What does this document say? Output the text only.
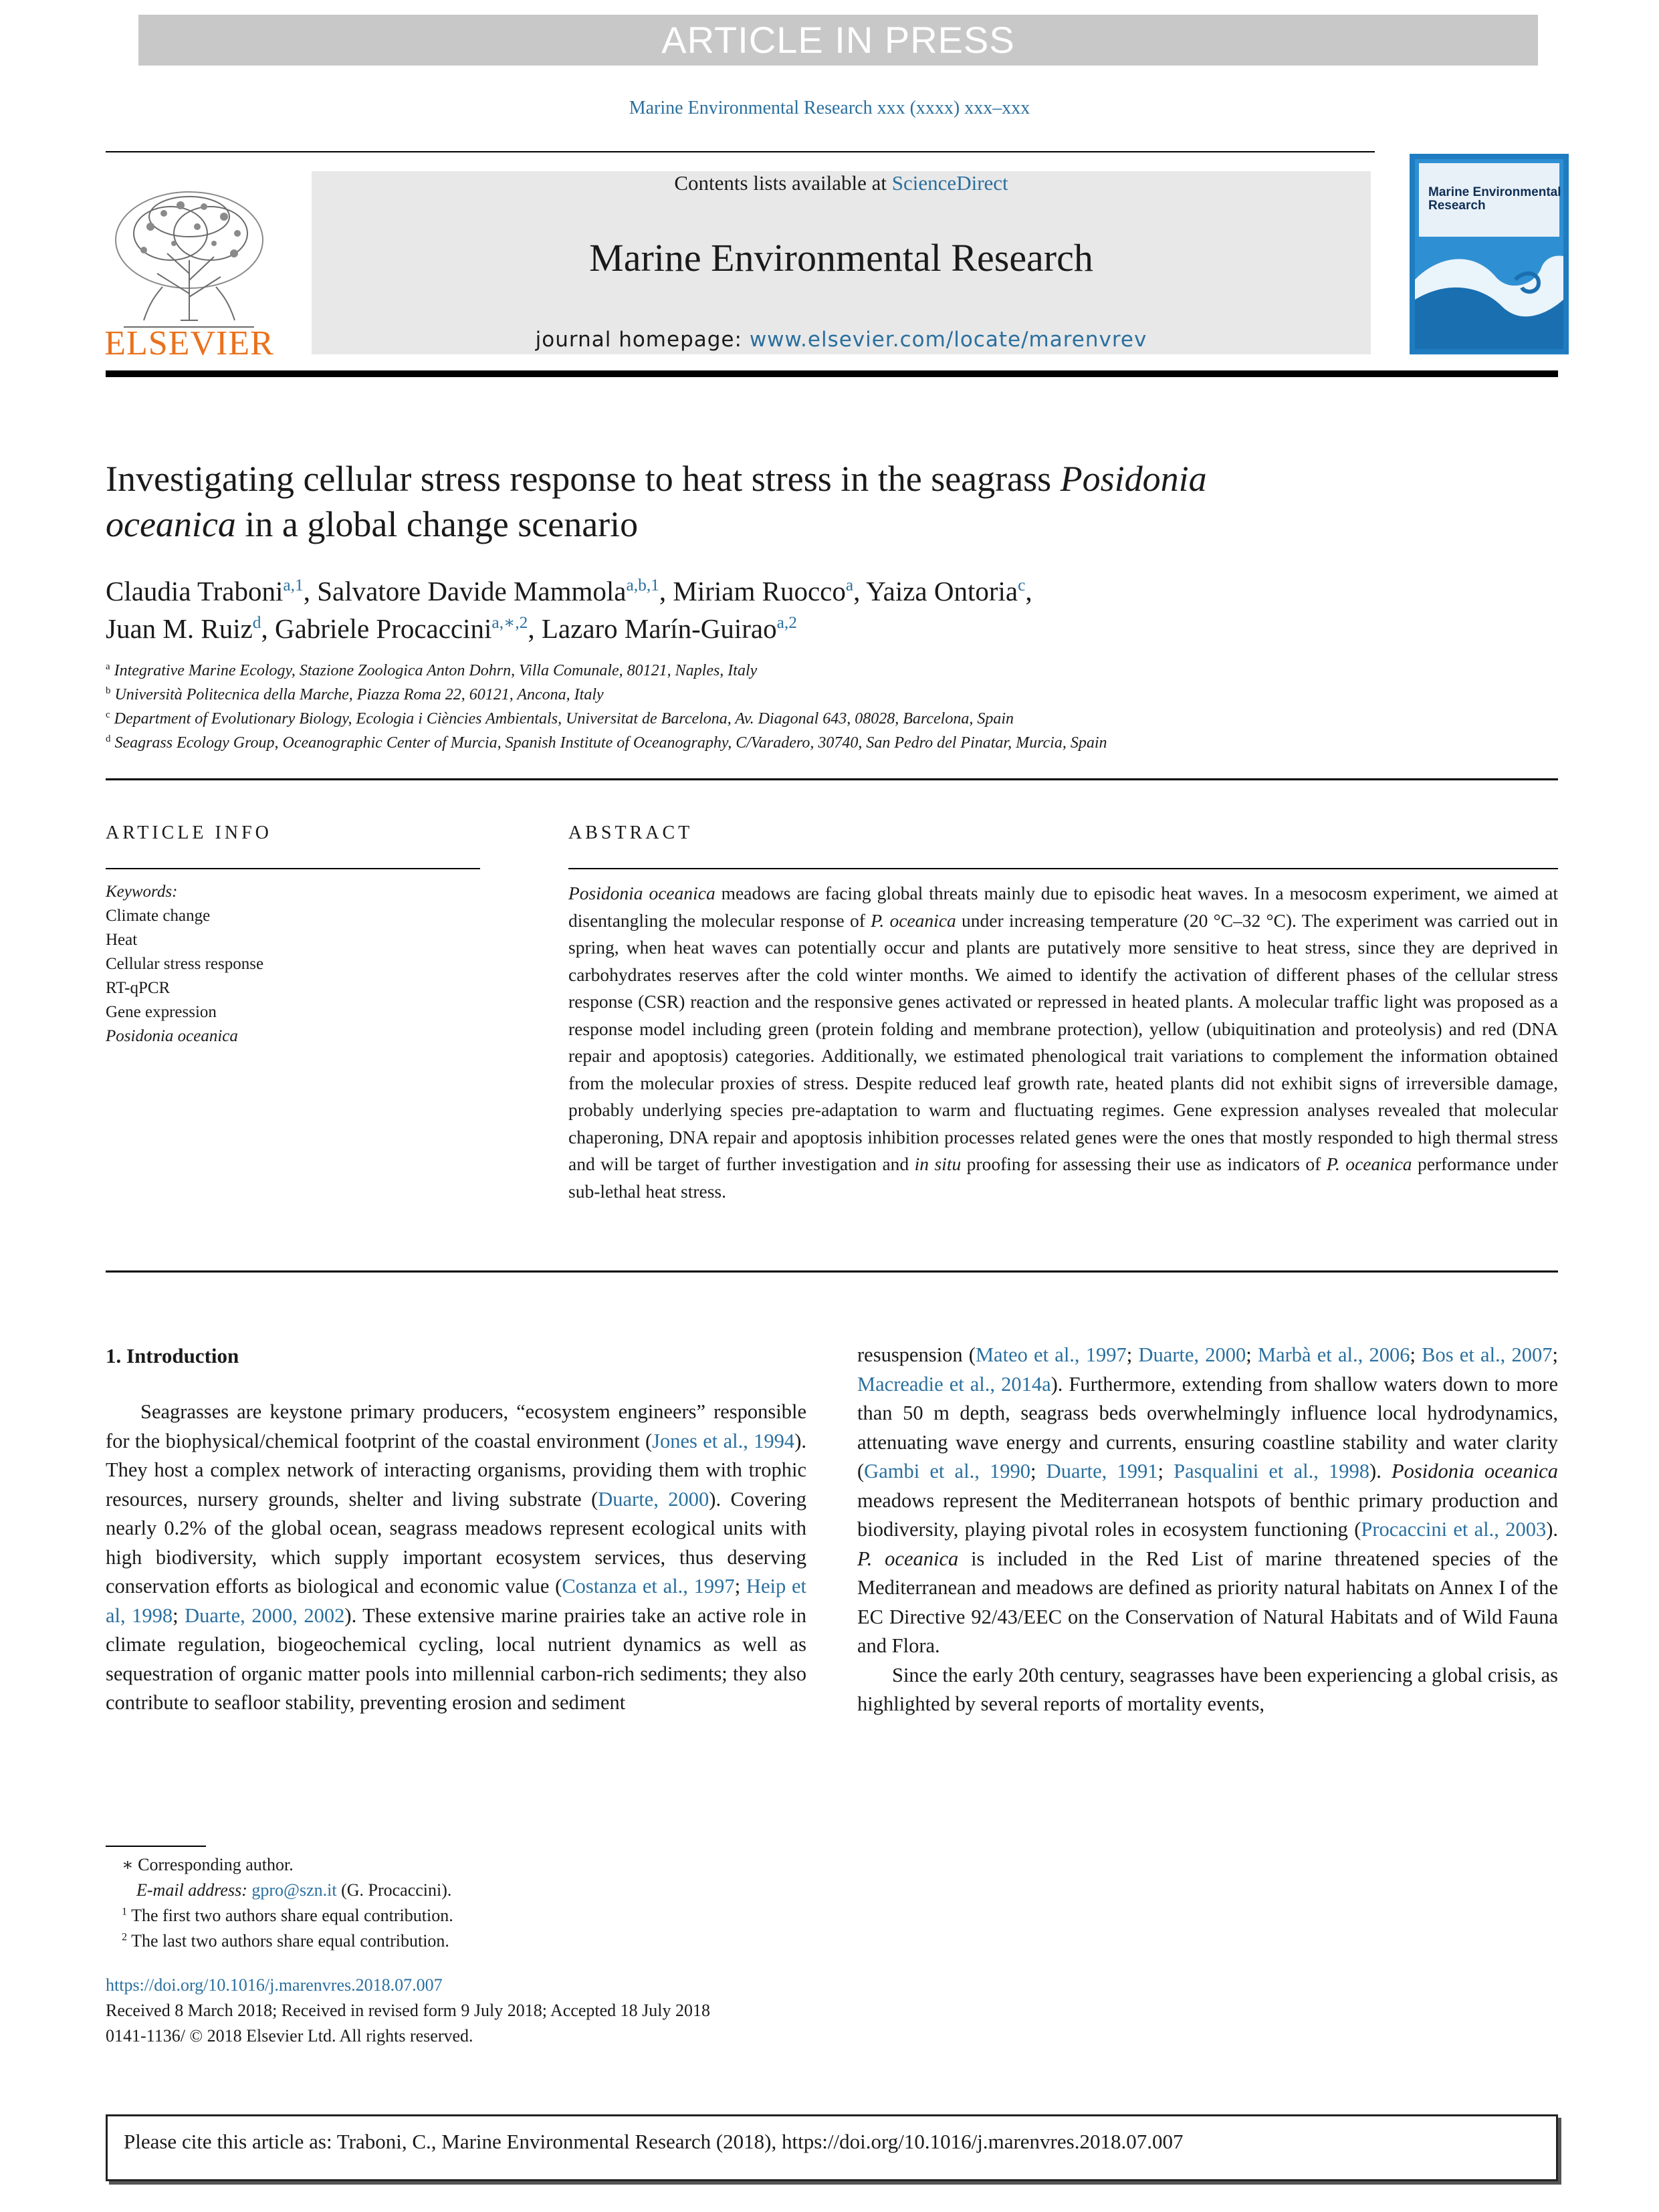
ARTICLE IN PRESS
Marine Environmental Research xxx (xxxx) xxx–xxx
Contents lists available at ScienceDirect
Marine Environmental Research
journal homepage: www.elsevier.com/locate/marenvrev
ELSEVIER
Marine Environmental Research
Investigating cellular stress response to heat stress in the seagrass Posidonia
oceanica in a global change scenario
Claudia Traboni$^{a,1}$, Salvatore Davide Mammola$^{a,b,1}$, Miriam Ruocco$^a$, Yaiza Ontoria$^c$,
Juan M. Ruiz$^d$, Gabriele Procaccini$^{a,∗,2}$, Lazaro Marín-Guirao$^{a,2}$
$^a$ Integrative Marine Ecology, Stazione Zoologica Anton Dohrn, Villa Comunale, 80121, Naples, Italy
$^b$ Università Politecnica della Marche, Piazza Roma 22, 60121, Ancona, Italy
$^c$ Department of Evolutionary Biology, Ecologia i Ciències Ambientals, Universitat de Barcelona, Av. Diagonal 643, 08028, Barcelona, Spain
$^d$ Seagrass Ecology Group, Oceanographic Center of Murcia, Spanish Institute of Oceanography, C/Varadero, 30740, San Pedro del Pinatar, Murcia, Spain
ARTICLE INFO
Keywords:
Climate change
Heat
Cellular stress response
RT-qPCR
Gene expression
Posidonia oceanica
ABSTRACT
Posidonia oceanica meadows are facing global threats mainly due to episodic heat waves. In a mesocosm experiment, we aimed at disentangling the molecular response of P. oceanica under increasing temperature (20 °C–32 °C). The experiment was carried out in spring, when heat waves can potentially occur and plants are putatively more sensitive to heat stress, since they are deprived in carbohydrates reserves after the cold winter months. We aimed to identify the activation of different phases of the cellular stress response (CSR) reaction and the responsive genes activated or repressed in heated plants. A molecular traffic light was proposed as a response model including green (protein folding and membrane protection), yellow (ubiquitination and proteolysis) and red (DNA repair and apoptosis) categories. Additionally, we estimated phenological trait variations to complement the information obtained from the molecular proxies of stress. Despite reduced leaf growth rate, heated plants did not exhibit signs of irreversible damage, probably underlying species pre-adaptation to warm and fluctuating regimes. Gene expression analyses revealed that molecular chaperoning, DNA repair and apoptosis inhibition processes related genes were the ones that mostly responded to high thermal stress and will be target of further investigation and in situ proofing for assessing their use as indicators of P. oceanica performance under sub-lethal heat stress.
1. Introduction

Seagrasses are keystone primary producers, “ecosystem engineers” responsible for the biophysical/chemical footprint of the coastal environment (Jones et al., 1994). They host a complex network of interacting organisms, providing them with trophic resources, nursery grounds, shelter and living substrate (Duarte, 2000). Covering nearly 0.2% of the global ocean, seagrass meadows represent ecological units with high biodiversity, which supply important ecosystem services, thus deserving conservation efforts as biological and economic value (Costanza et al., 1997; Heip et al, 1998; Duarte, 2000, 2002). These extensive marine prairies take an active role in climate regulation, biogeochemical cycling, local nutrient dynamics as well as sequestration of organic matter pools into millennial carbon-rich sediments; they also contribute to seafloor stability, preventing erosion and sediment

resuspension (Mateo et al., 1997; Duarte, 2000; Marbà et al., 2006; Bos et al., 2007; Macreadie et al., 2014a). Furthermore, extending from shallow waters down to more than 50 m depth, seagrass beds overwhelmingly influence local hydrodynamics, attenuating wave energy and currents, ensuring coastline stability and water clarity (Gambi et al., 1990; Duarte, 1991; Pasqualini et al., 1998). Posidonia oceanica meadows represent the Mediterranean hotspots of benthic primary production and biodiversity, playing pivotal roles in ecosystem functioning (Procaccini et al., 2003). P. oceanica is included in the Red List of marine threatened species of the Mediterranean and meadows are defined as priority natural habitats on Annex I of the EC Directive 92/43/EEC on the Conservation of Natural Habitats and of Wild Fauna and Flora.

Since the early 20th century, seagrasses have been experiencing a global crisis, as highlighted by several reports of mortality events,

∗ Corresponding author.
E-mail address: gpro@szn.it (G. Procaccini).
$^1$ The first two authors share equal contribution.
$^2$ The last two authors share equal contribution.
https://doi.org/10.1016/j.marenvres.2018.07.007
Received 8 March 2018; Received in revised form 9 July 2018; Accepted 18 July 2018
0141-1136/ © 2018 Elsevier Ltd. All rights reserved.
Please cite this article as: Traboni, C., Marine Environmental Research (2018), https://doi.org/10.1016/j.marenvres.2018.07.007
